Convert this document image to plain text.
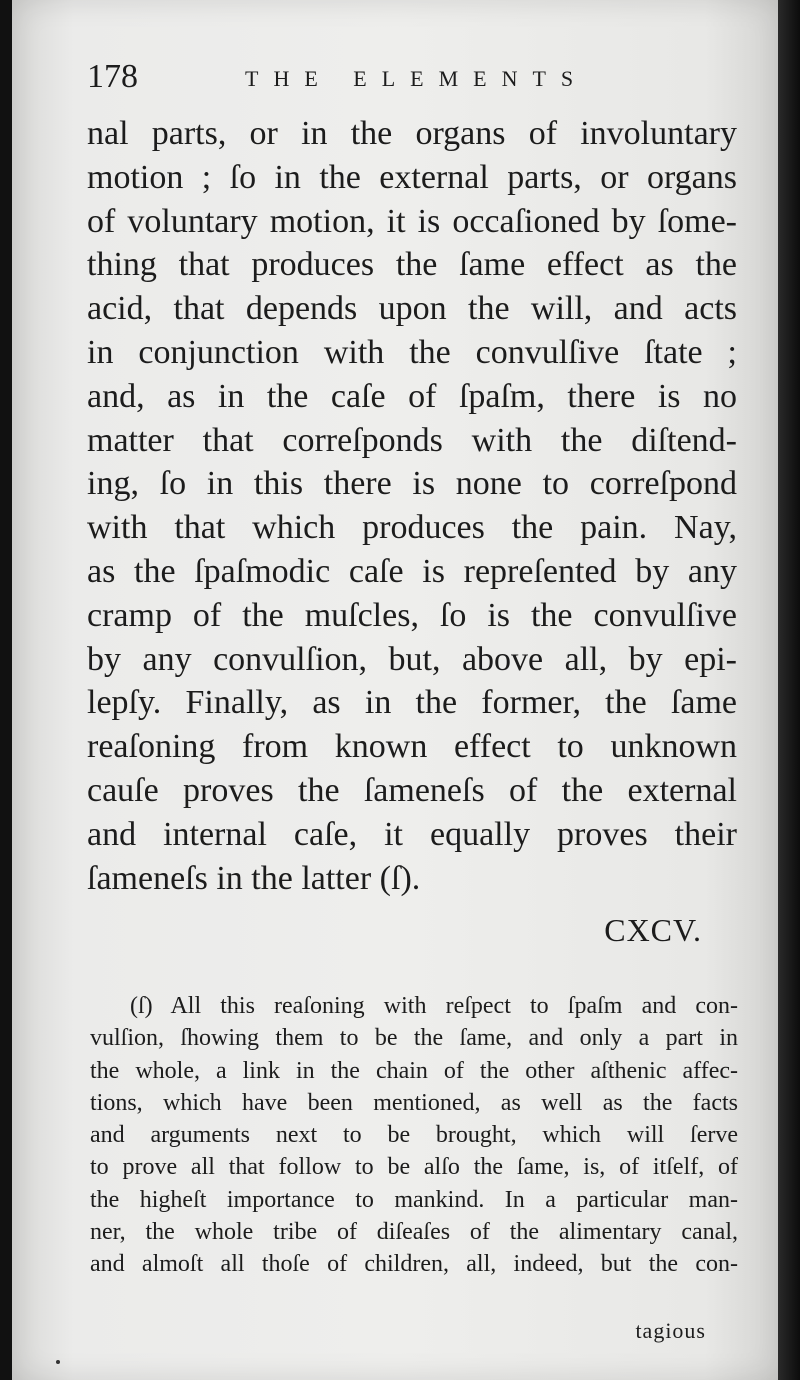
178	THE ELEMENTS
nal parts, or in the organs of involuntary
motion ; ſo in the external parts, or organs
of voluntary motion, it is occaſioned by ſome-
thing that produces the ſame effect as the
acid, that depends upon the will, and acts
in conjunction with the convulſive ſtate ;
and, as in the caſe of ſpaſm, there is no
matter that correſponds with the diſtend-
ing, ſo in this there is none to correſpond
with that which produces the pain. Nay,
as the ſpaſmodic caſe is repreſented by any
cramp of the muſcles, ſo is the convulſive
by any convulſion, but, above all, by epi-
lepſy. Finally, as in the former, the ſame
reaſoning from known effect to unknown
cauſe proves the ſameneſs of the external
and internal caſe, it equally proves their
ſameneſs in the latter (ſ).
CXCV.
(ſ) All this reaſoning with reſpect to ſpaſm and con-
vulſion, ſhowing them to be the ſame, and only a part in
the whole, a link in the chain of the other aſthenic affec-
tions, which have been mentioned, as well as the facts
and arguments next to be brought, which will ſerve
to prove all that follow to be alſo the ſame, is, of itſelf, of
the higheſt importance to mankind. In a particular man-
ner, the whole tribe of diſeaſes of the alimentary canal,
and almoſt all thoſe of children, all, indeed, but the con-
tagious
